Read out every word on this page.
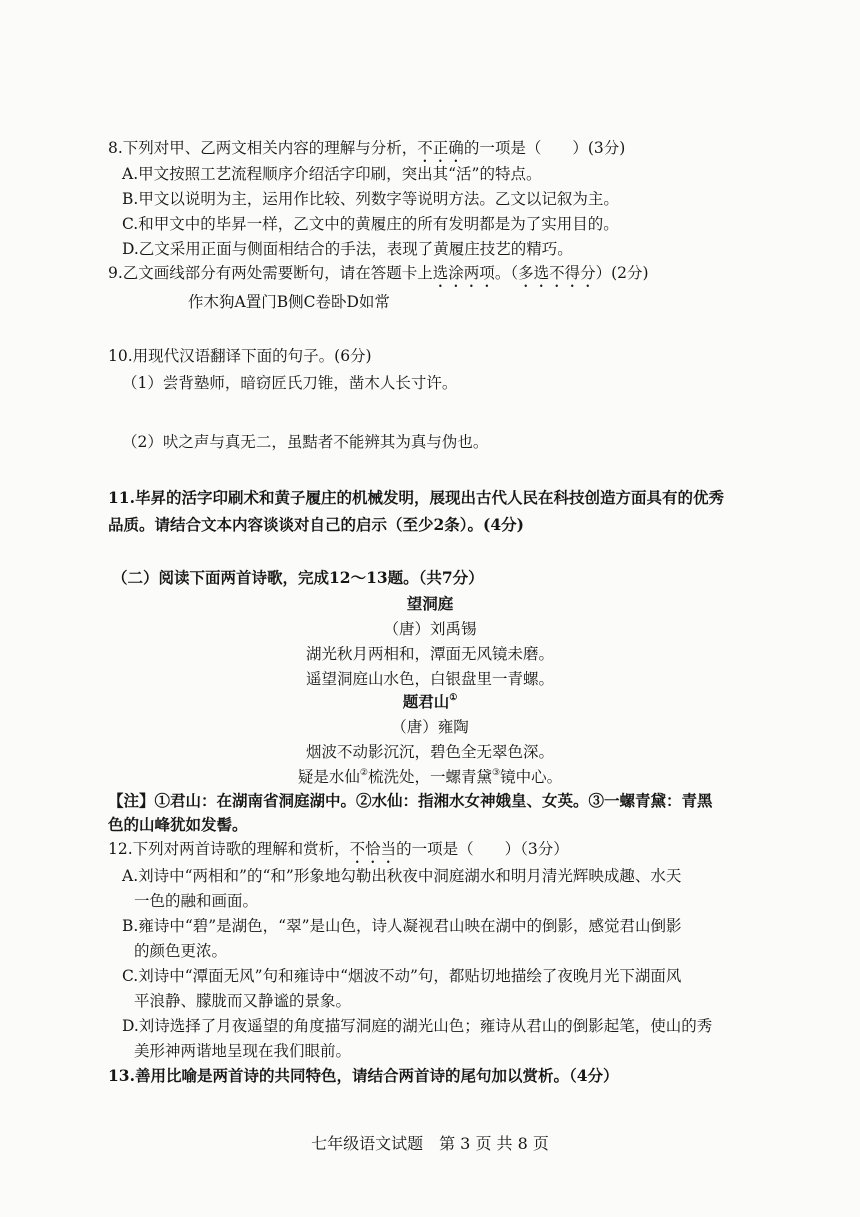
8.下列对甲、乙两文相关内容的理解与分析，不正确的一项是（　　）(3分)
A.甲文按照工艺流程顺序介绍活字印刷，突出其“活”的特点。
B.甲文以说明为主，运用作比较、列数字等说明方法。乙文以记叙为主。
C.和甲文中的毕昇一样，乙文中的黄履庄的所有发明都是为了实用目的。
D.乙文采用正面与侧面相结合的手法，表现了黄履庄技艺的精巧。
9.乙文画线部分有两处需要断句，请在答题卡上选涂两项。（多选不得分）(2分)
作木狗A置门B侧C卷卧D如常
10.用现代汉语翻译下面的句子。(6分)
（1）尝背塾师，暗窃匠氏刀锥，凿木人长寸许。
（2）吠之声与真无二，虽黠者不能辨其为真与伪也。
11.毕昇的活字印刷术和黄子履庄的机械发明，展现出古代人民在科技创造方面具有的优秀
品质。请结合文本内容谈谈对自己的启示（至少2条）。(4分)
（二）阅读下面两首诗歌，完成12～13题。（共7分）
望洞庭
（唐）刘禹锡
湖光秋月两相和，潭面无风镜未磨。
遥望洞庭山水色，白银盘里一青螺。
题君山①
（唐）雍陶
烟波不动影沉沉，碧色全无翠色深。
疑是水仙②梳洗处，一螺青黛③镜中心。
【注】①君山：在湖南省洞庭湖中。②水仙：指湘水女神娥皇、女英。③一螺青黛：青黑
色的山峰犹如发髻。
12.下列对两首诗歌的理解和赏析，不恰当的一项是（　　）（3分）
A.刘诗中“两相和”的“和”形象地勾勒出秋夜中洞庭湖水和明月清光辉映成趣、水天
一色的融和画面。
B.雍诗中“碧”是湖色，“翠”是山色，诗人凝视君山映在湖中的倒影，感觉君山倒影
的颜色更浓。
C.刘诗中“潭面无风”句和雍诗中“烟波不动”句，都贴切地描绘了夜晚月光下湖面风
平浪静、朦胧而又静谧的景象。
D.刘诗选择了月夜遥望的角度描写洞庭的湖光山色；雍诗从君山的倒影起笔，使山的秀
美形神两谐地呈现在我们眼前。
13.善用比喻是两首诗的共同特色，请结合两首诗的尾句加以赏析。（4分）
七年级语文试题　第 3 页 共 8 页
